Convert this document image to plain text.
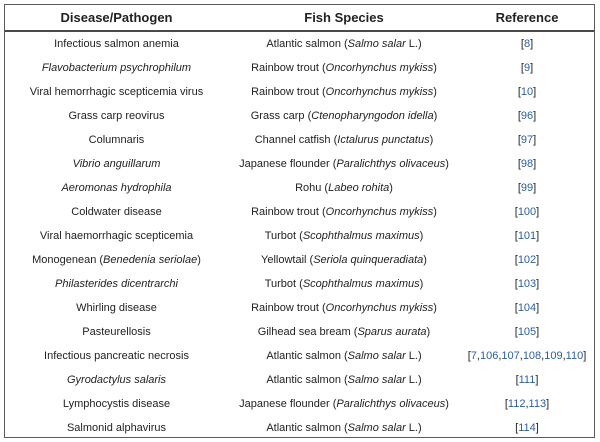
Disease/Pathogen	Fish Species	Reference
Infectious salmon anemia	Atlantic salmon (Salmo salar L.)	[8]
Flavobacterium psychrophilum	Rainbow trout (Oncorhynchus mykiss)	[9]
Viral hemorrhagic scepticemia virus	Rainbow trout (Oncorhynchus mykiss)	[10]
Grass carp reovirus	Grass carp (Ctenopharyngodon idella)	[96]
Columnaris	Channel catfish (Ictalurus punctatus)	[97]
Vibrio anguillarum	Japanese flounder (Paralichthys olivaceus)	[98]
Aeromonas hydrophila	Rohu (Labeo rohita)	[99]
Coldwater disease	Rainbow trout (Oncorhynchus mykiss)	[100]
Viral haemorrhagic scepticemia	Turbot (Scophthalmus maximus)	[101]
Monogenean (Benedenia seriolae)	Yellowtail (Seriola quinqueradiata)	[102]
Philasterides dicentrarchi	Turbot (Scophthalmus maximus)	[103]
Whirling disease	Rainbow trout (Oncorhynchus mykiss)	[104]
Pasteurellosis	Gilhead sea bream (Sparus aurata)	[105]
Infectious pancreatic necrosis	Atlantic salmon (Salmo salar L.)	[7,106,107,108,109,110]
Gyrodactylus salaris	Atlantic salmon (Salmo salar L.)	[111]
Lymphocystis disease	Japanese flounder (Paralichthys olivaceus)	[112,113]
Salmonid alphavirus	Atlantic salmon (Salmo salar L.)	[114]
